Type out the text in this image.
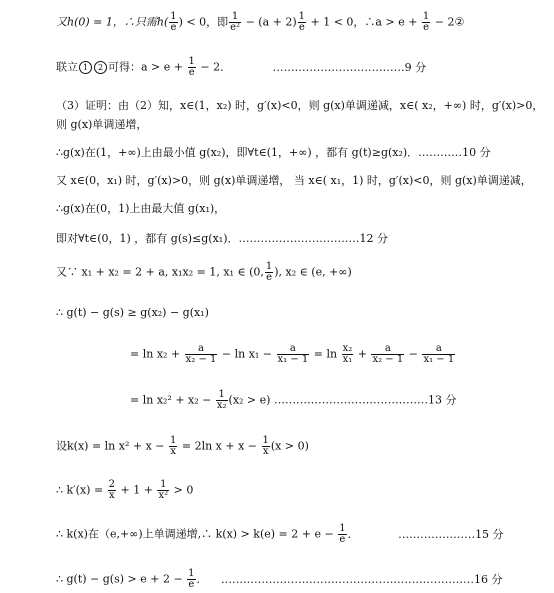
又h(0) = 1，∴只需$h( \frac{1}{e}$ ) < 0，即 $\frac{1}{\text{e²}} - (a + 2) \frac{1}{e} + 1 < 0$，∴a > $e + \frac{1}{e}$ − 2②
联立 1 2 可得：$a > e + \frac{1}{e} - 2$．	………………………………9 分
（3）证明：由（2）知，x∈(1，x₂) 时，g′(x)<0，则 g(x)单调递减，x∈( x₂，+∞) 时，g′(x)>0，
则 g(x)单调递增，
∴g(x)在(1，+∞)上由最小值 g(x₂)，即∀t∈(1，+∞) ，都有 g(t)≥g(x₂)．…………10 分
又 x∈(0，x₁) 时，g′(x)>0，则 g(x)单调递增， 当 x∈( x₁，1) 时，g′(x)<0，则 g(x)单调递减，
∴g(x)在(0，1)上由最大值 g(x₁)，
即对∀t∈(0，1) ，都有 g(s)≤g(x₁)．……………………………12 分
又∵ x₁ + x₂ = 2 + a, x₁x₂ = 1, x₁ ∈ (0, $\frac{1}{e}$ ), x₂ ∈ (e, +∞)
∴ g(t) − g(s) ≥ g(x₂) − g(x₁)
= $\ln x_2 + \frac{a}{\text{x₂ − 1}} - \ln x_1 - \frac{a}{\text{x₁ − 1}} = \ln \frac{\text{x₂}}{\text{x₁}} + \frac{a}{\text{x₂ − 1}} - \frac{a}{\text{x₁ − 1}}$
= $\ln x_2^2 + x_2 - \frac{1}{\text{x₂}} (x_2 > e)$ ……………………………………13 分
设$k(x) = \ln x^2 + x - \frac{1}{x} = 2\ln$ $x + x - \frac{1}{x} (x > 0)$
∴ $k'(x) = \frac{2}{x} + 1 + \frac{1}{\text{x²}} > 0$
∴ k(x)在（e,+∞)上单调递增,∴ $k(x) > k(e) = 2 + e - \frac{1}{e}$ ．	…………………15 分
∴ $g(t) - g(s) > e + 2 - \frac{1}{e}$ ． ……………………………………………………………16 分
